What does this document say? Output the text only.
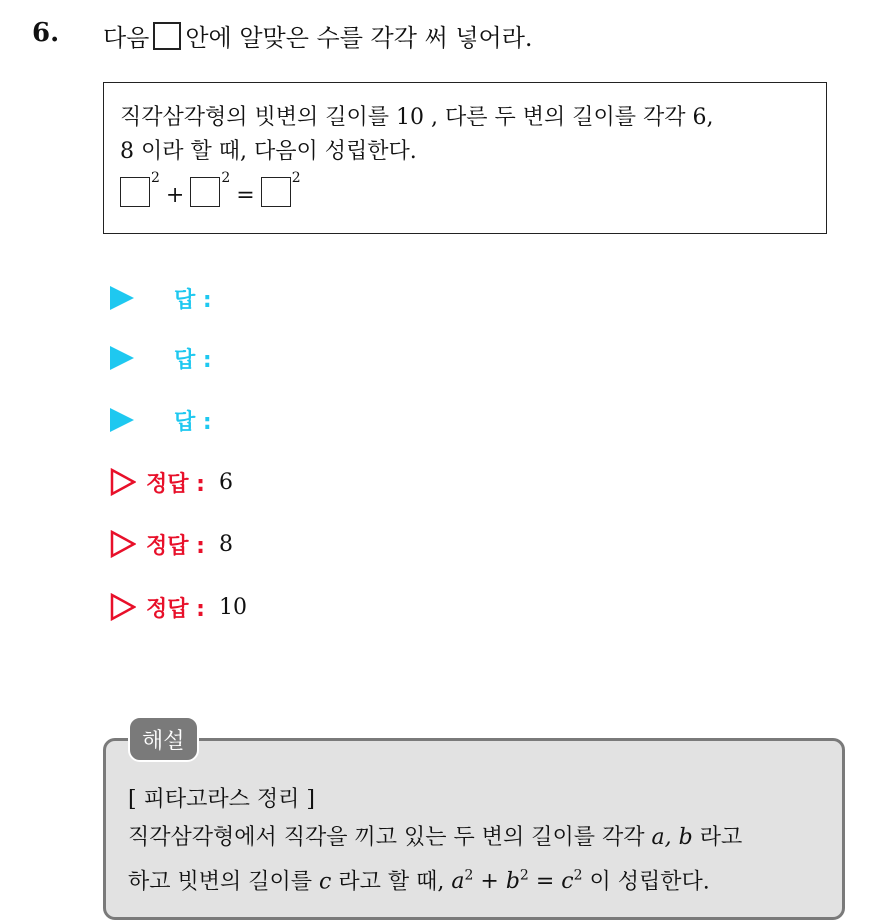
6. 다음 안에 알맞은 수를 각각 써 넣어라.
직각삼각형의 빗변의 길이를 10 , 다른 두 변의 길이를 각각 6,
8 이라 할 때, 다음이 성립한다.
2
+
2
=
2
답 :
답 :
답 :
정답 : 6
정답 : 8
정답 : 10
[ 피타고라스 정리 ]
직각삼각형에서 직각을 끼고 있는 두 변의 길이를 각각 a, b 라고
하고 빗변의 길이를 c 라고 할 때, $a^2 + b^2 = c^2$ 이 성립한다.
해설
